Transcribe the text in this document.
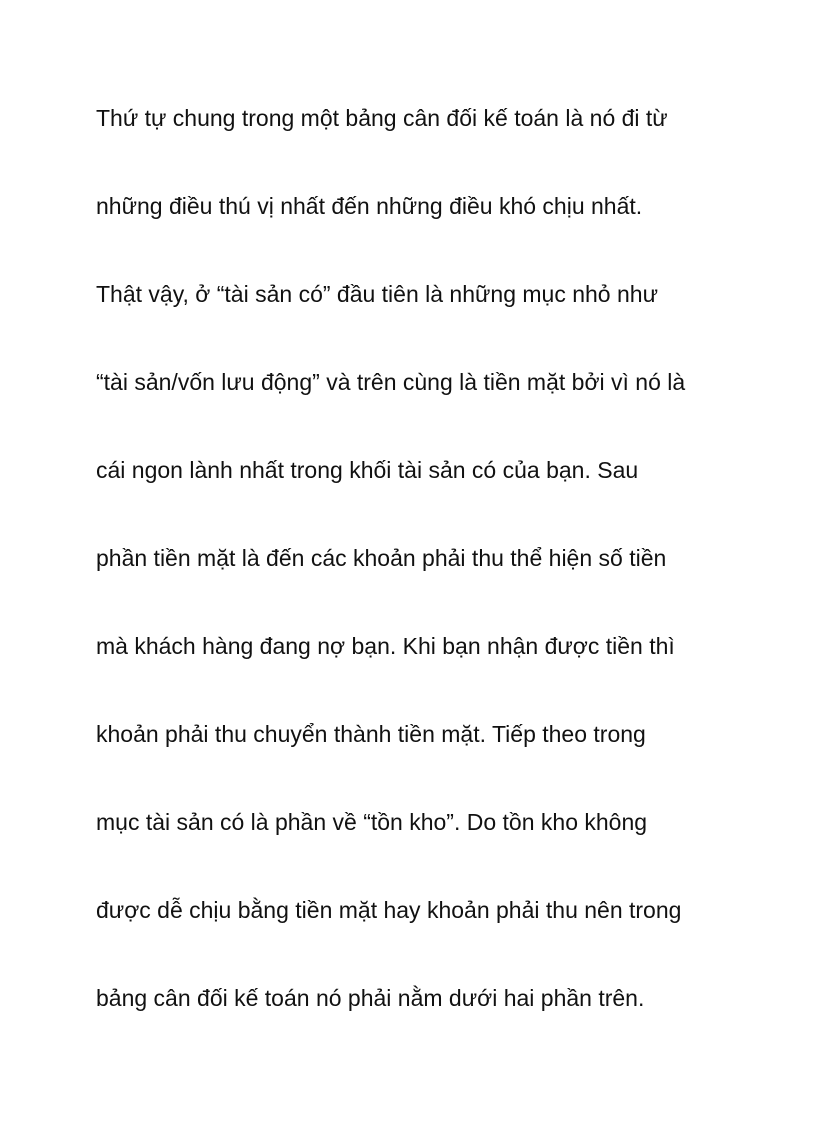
Thứ tự chung trong một bảng cân đối kế toán là nó đi từ
những điều thú vị nhất đến những điều khó chịu nhất.
Thật vậy, ở “tài sản có” đầu tiên là những mục nhỏ như
“tài sản/vốn lưu động” và trên cùng là tiền mặt bởi vì nó là
cái ngon lành nhất trong khối tài sản có của bạn. Sau
phần tiền mặt là đến các khoản phải thu thể hiện số tiền
mà khách hàng đang nợ bạn. Khi bạn nhận được tiền thì
khoản phải thu chuyển thành tiền mặt. Tiếp theo trong
mục tài sản có là phần về “tồn kho”. Do tồn kho không
được dễ chịu bằng tiền mặt hay khoản phải thu nên trong
bảng cân đối kế toán nó phải nằm dưới hai phần trên.
